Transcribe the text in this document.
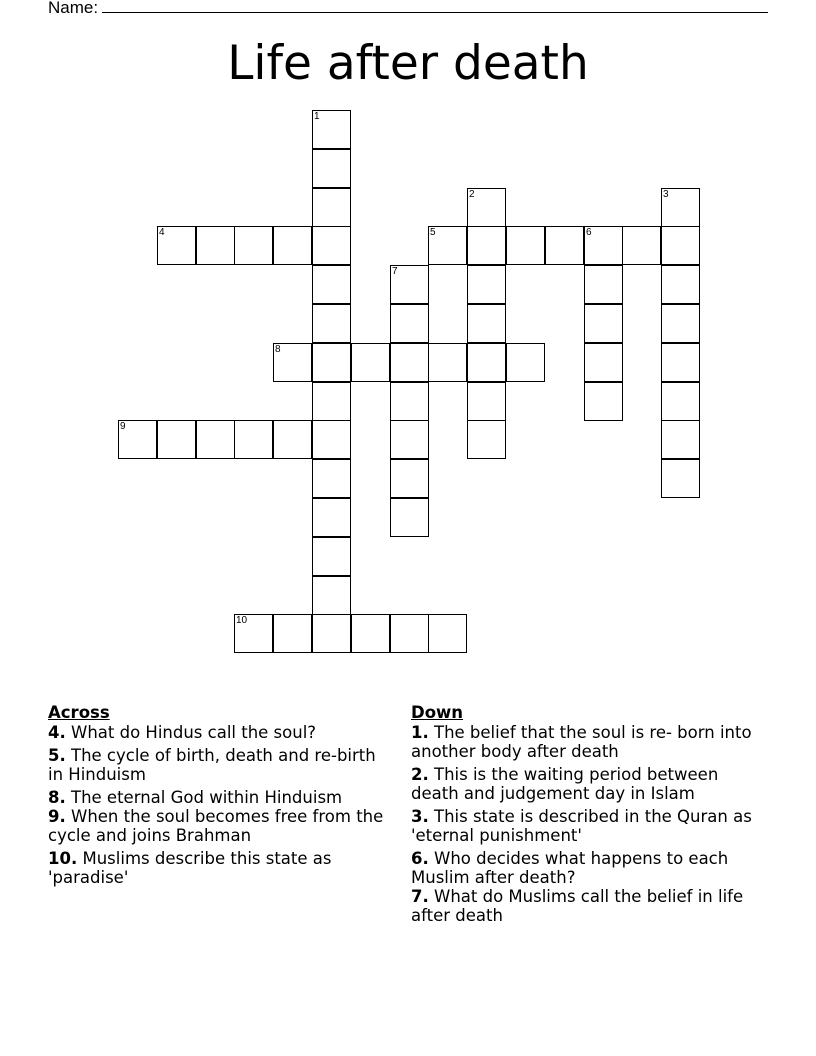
Name:
Life after death
1
4	5
2	3
6
7
8
9
10
Across
4. What do Hindus call the soul?
5. The cycle of birth, death and re-birth in Hinduism
8. The eternal God within Hinduism
9. When the soul becomes free from the cycle and joins Brahman
10. Muslims describe this state as 'paradise'
Down
1. The belief that the soul is re- born into another body after death
2. This is the waiting period between death and judgement day in Islam
3. This state is described in the Quran as 'eternal punishment'
6. Who decides what happens to each Muslim after death?
7. What do Muslims call the belief in life after death
